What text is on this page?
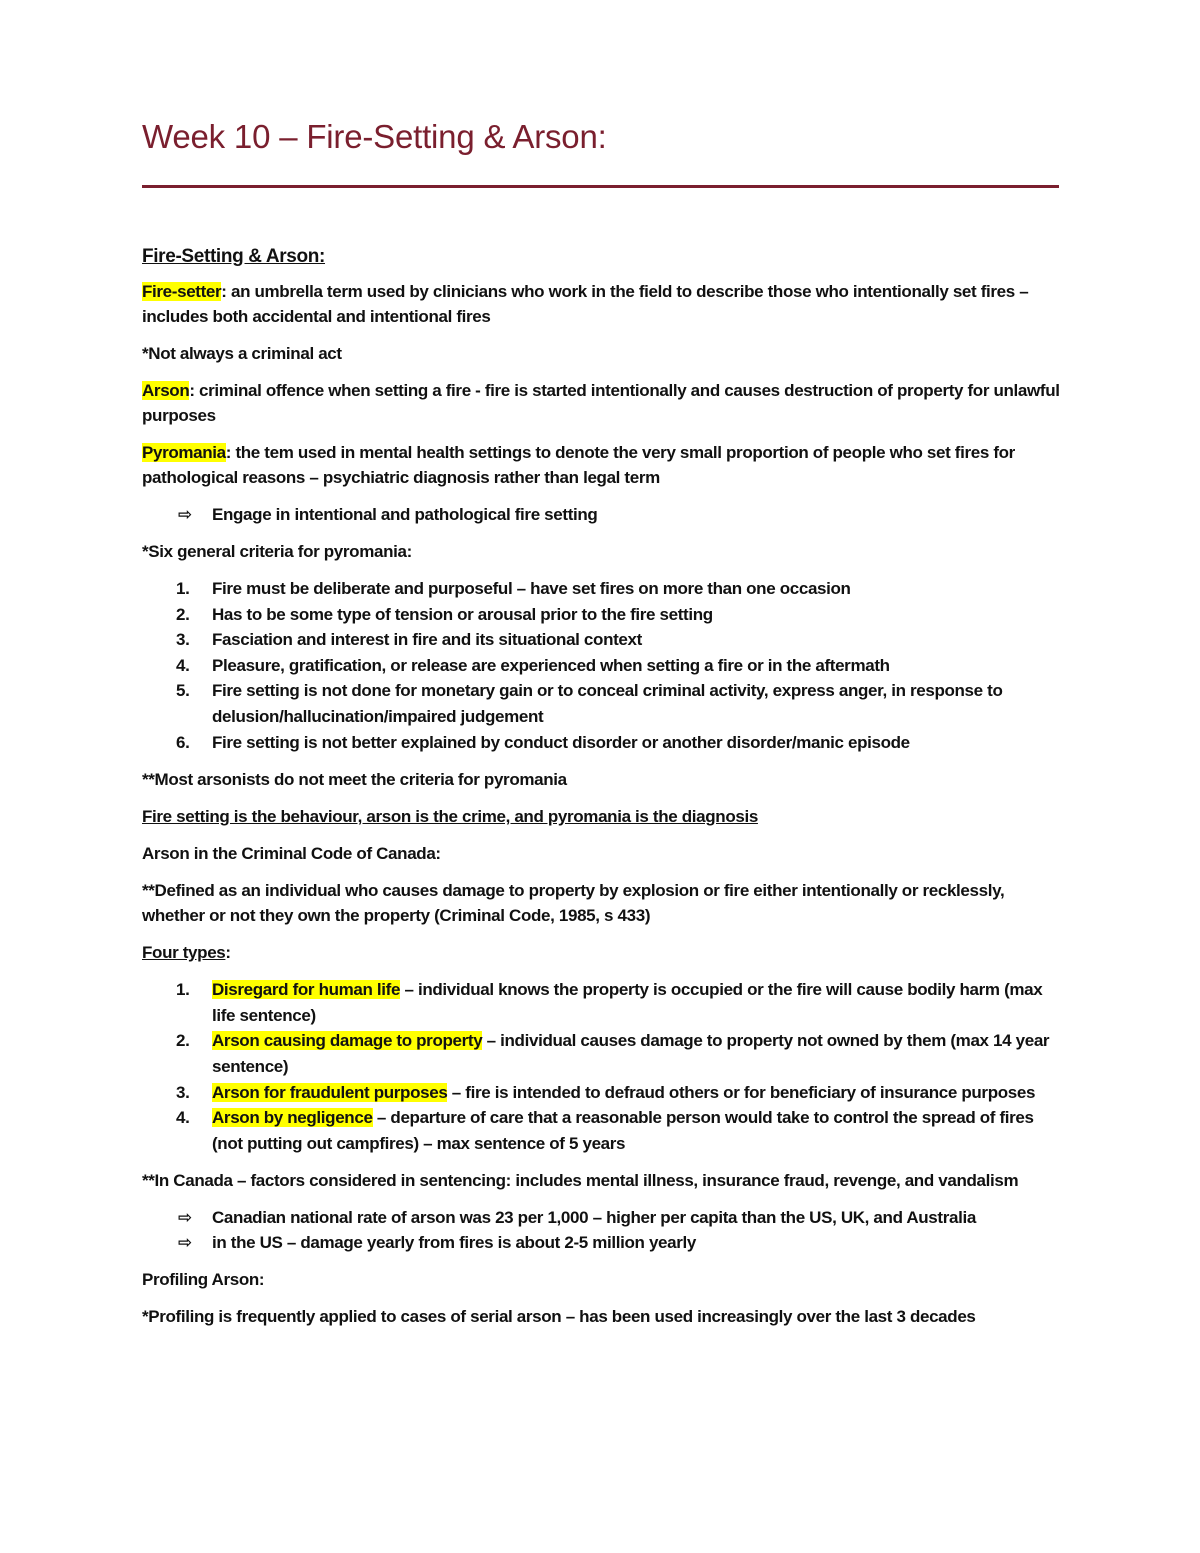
Week 10 – Fire-Setting & Arson:

Fire-Setting & Arson:

Fire-setter: an umbrella term used by clinicians who work in the field to describe those who intentionally set fires – includes both accidental and intentional fires

*Not always a criminal act

Arson: criminal offence when setting a fire - fire is started intentionally and causes destruction of property for unlawful purposes

Pyromania: the tem used in mental health settings to denote the very small proportion of people who set fires for pathological reasons – psychiatric diagnosis rather than legal term

⇨ Engage in intentional and pathological fire setting

*Six general criteria for pyromania:

1. Fire must be deliberate and purposeful – have set fires on more than one occasion
2. Has to be some type of tension or arousal prior to the fire setting
3. Fasciation and interest in fire and its situational context
4. Pleasure, gratification, or release are experienced when setting a fire or in the aftermath
5. Fire setting is not done for monetary gain or to conceal criminal activity, express anger, in response to delusion/hallucination/impaired judgement
6. Fire setting is not better explained by conduct disorder or another disorder/manic episode

**Most arsonists do not meet the criteria for pyromania

Fire setting is the behaviour, arson is the crime, and pyromania is the diagnosis

Arson in the Criminal Code of Canada:

**Defined as an individual who causes damage to property by explosion or fire either intentionally or recklessly, whether or not they own the property (Criminal Code, 1985, s 433)

Four types:

1. Disregard for human life – individual knows the property is occupied or the fire will cause bodily harm (max life sentence)
2. Arson causing damage to property – individual causes damage to property not owned by them (max 14 year sentence)
3. Arson for fraudulent purposes – fire is intended to defraud others or for beneficiary of insurance purposes
4. Arson by negligence – departure of care that a reasonable person would take to control the spread of fires (not putting out campfires) – max sentence of 5 years

**In Canada – factors considered in sentencing: includes mental illness, insurance fraud, revenge, and vandalism

⇨ Canadian national rate of arson was 23 per 1,000 – higher per capita than the US, UK, and Australia
⇨ in the US – damage yearly from fires is about 2-5 million yearly

Profiling Arson:

*Profiling is frequently applied to cases of serial arson – has been used increasingly over the last 3 decades
